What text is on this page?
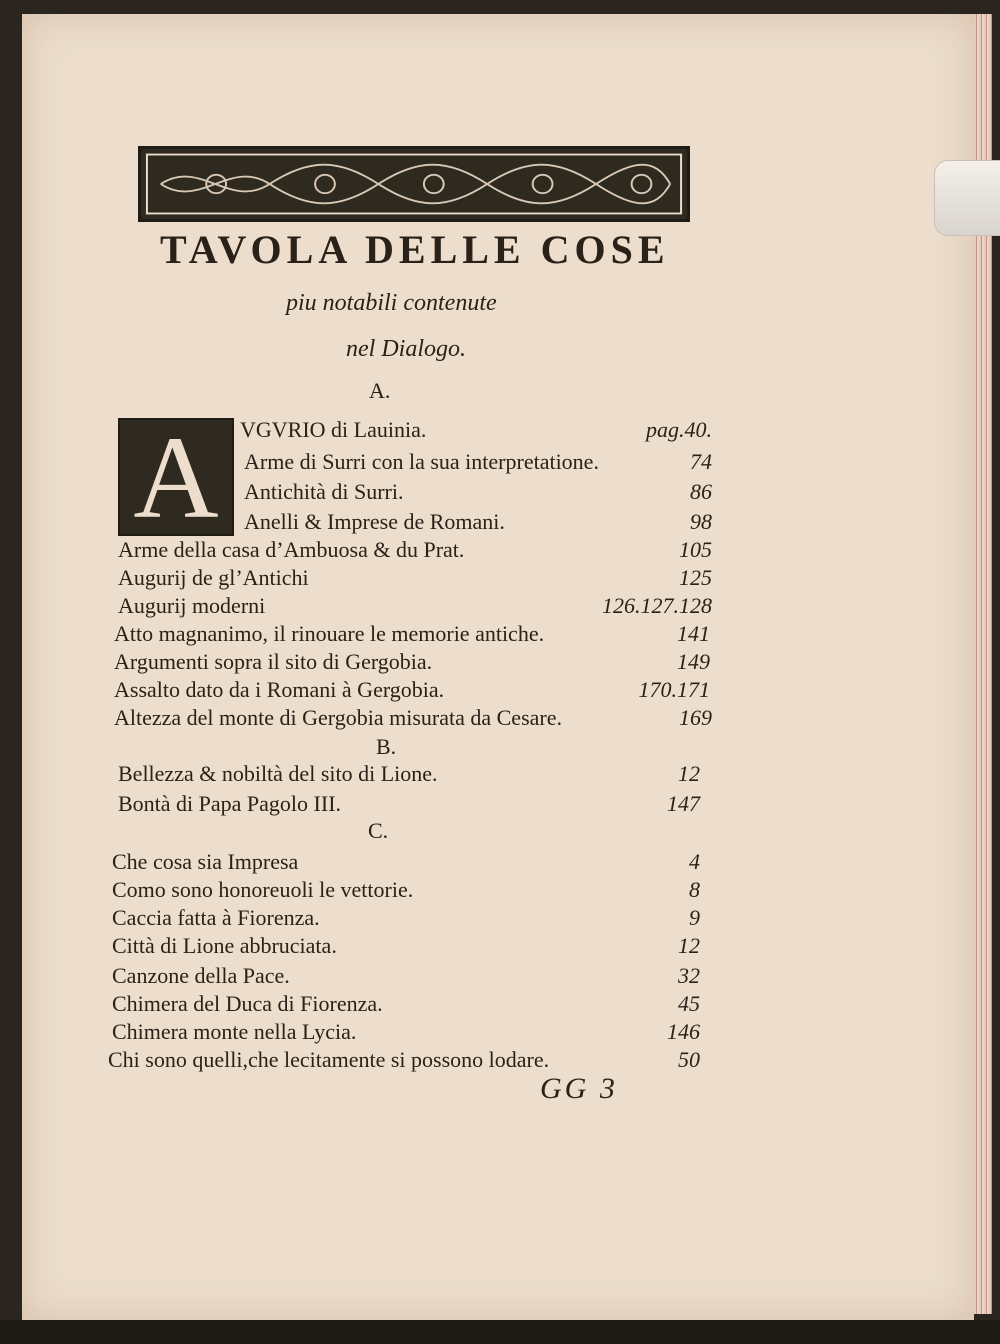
TAVOLA DELLE COSE
piu notabili contenute
nel Dialogo.
A.
A VGVRIO di Lauinia.	pag.40.
Arme di Surri con la sua interpretatione.	74
Antichità di Surri.	86
Anelli & Imprese de Romani.	98
Arme della casa d’Ambuosa & du Prat.	105
Augurij de gl’Antichi	125
Augurij moderni	126.127.128
Atto magnanimo, il rinouare le memorie antiche.	141
Argumenti sopra il sito di Gergobia.	149
Assalto dato da i Romani à Gergobia.	170.171
Altezza del monte di Gergobia misurata da Cesare.	169
B.
Bellezza & nobiltà del sito di Lione.	12
Bontà di Papa Pagolo III.	147
C.
Che cosa sia Impresa	4
Como sono honoreuoli le vettorie.	8
Caccia fatta à Fiorenza.	9
Città di Lione abbruciata.	12
Canzone della Pace.	32
Chimera del Duca di Fiorenza.	45
Chimera monte nella Lycia.	146
Chi sono quelli,che lecitamente si possono lodare.	50
GG 3
